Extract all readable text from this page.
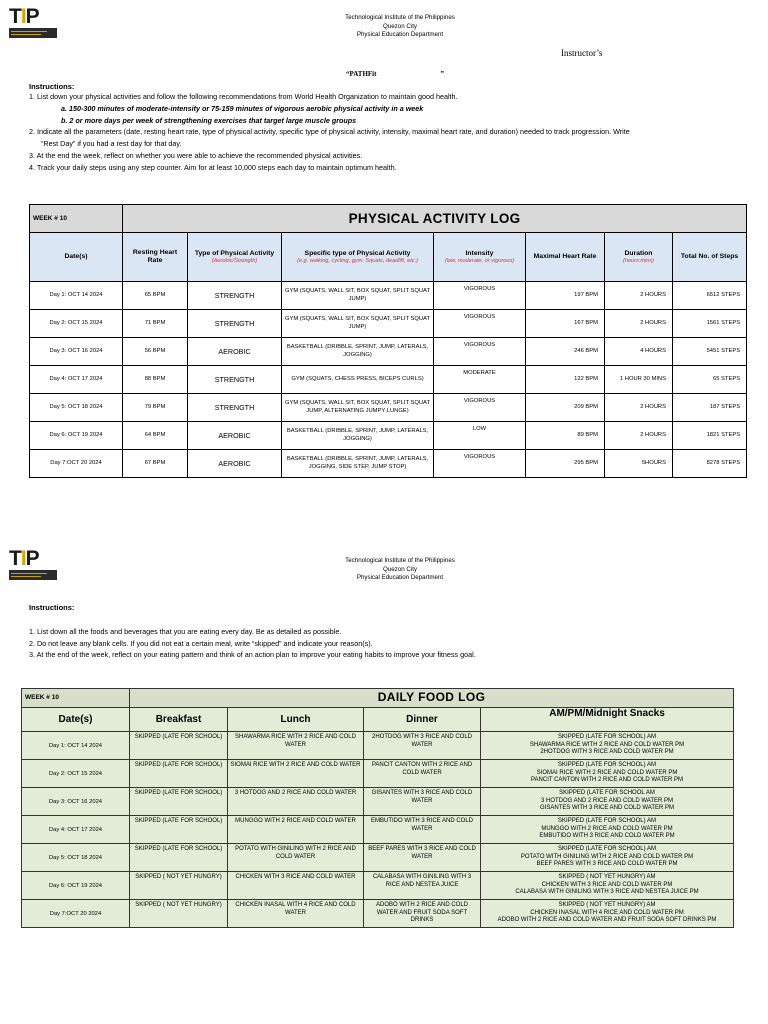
TIP	Technological Institute of the Philippines
Quezon City
Physical Education Department
Instructor’s
“PATHFit	”
Instructions:
1. List down your physical activities and follow the following recommendations from World Health Organization to maintain good health.
a. 150-300 minutes of moderate-intensity or 75-159 minutes of vigorous aerobic physical activity in a week
b. 2 or more days per week of strengthening exercises that target large muscle groups
2. Indicate all the parameters (date, resting heart rate, type of physical activity, specific type of physical activity, intensity, maximal heart rate, and duration) needed to track progression. Write
“Rest Day” if you had a rest day for that day.
3. At the end the week, reflect on whether you were able to achieve the recommended physical activities.
4. Track your daily steps using any step counter. Aim for at least 10,000 steps each day to maintain optimum health.
WEEK # 10	PHYSICAL ACTIVITY LOG						
Date(s)	Resting Heart Rate	Type of Physical Activity
(Aerobic/Strength)	Specific type of Physical Activity
(e.g. walking, cycling, gym: Squats, deadlift, etc.)	Intensity
(low, moderate, or vigorous)	Maximal Heart Rate	Duration
(hours:mins)	Total No. of Steps
Day 1: OCT 14 2024	65 BPM	STRENGTH	GYM (SQUATS, WALL SIT, BOX SQUAT, SPLIT SQUAT JUMP)	VIGOROUS	197 BPM	2 HOURS	6512 STEPS
Day 2: OCT 15 2024	71 BPM	STRENGTH	GYM (SQUATS, WALL SIT, BOX SQUAT, SPLIT SQUAT JUMP)	VIGOROUS	167 BPM	2 HOURS	1561 STEPS
Day 3: OCT 16 2024	56 BPM	AEROBIC	BASKETBALL (DRIBBLE, SPRINT, JUMP, LATERALS, JOGGING)	VIGOROUS	246 BPM	4 HOURS	5451 STEPS
Day 4: OCT 17 2024	88 BPM	STRENGTH	GYM (SQUATS, CHESS PRESS, BICEPS CURLS)	MODERATE	122 BPM	1 HOUR 30 MINS	65 STEPS
Day 5: OCT 18 2024	79 BPM	STRENGTH	GYM (SQUATS, WALL SIT, BOX SQUAT, SPLIT SQUAT JUMP, ALTERNATING JUMPY LUNGE)	VIGOROUS	209 BPM	2 HOURS	187 STEPS
Day 6: OCT 19 2024	64 BPM	AEROBIC	BASKETBALL (DRIBBLE, SPRINT, JUMP, LATERALS, JOGGING)	LOW	89 BPM	2 HOURS	1821 STEPS
Day 7:OCT 20 2024	67 BPM	AEROBIC	BASKETBALL (DRIBBLE, SPRINT, JUMP, LATERALS, JOGGING, SIDE STEP, JUMP STOP)	VIGOROUS	295 BPM	5HOURS	8278 STEPS
TIP	Technological Institute of the Philippines
Quezon City
Physical Education Department
Instructions:
1. List down all the foods and beverages that you are eating every day. Be as detailed as possible.
2. Do not leave any blank cells. If you did not eat a certain meal, write “skipped” and indicate your reason(s).
3. At the end of the week, reflect on your eating pattern and think of an action plan to improve your eating habits to improve your fitness goal.
WEEK # 10	DAILY FOOD LOG			
Date(s)	Breakfast	Lunch	Dinner	AM/PM/Midnight Snacks
Day 1: OCT 14 2024	SKIPPED (LATE FOR SCHOOL)	SHAWARMA RICE WITH 2 RICE AND COLD WATER	2HOTDOG WITH 3 RICE AND COLD WATER	SKIPPED (LATE FOR SCHOOL) AM
SHAWARMA RICE WITH 2 RICE AND COLD WATER PM
2HOTDOG WITH 3 RICE AND COLD WATER PM

Day 2: OCT 15 2024	SKIPPED (LATE FOR SCHOOL)	SIOMAI RICE WITH 2 RICE AND COLD WATER	PANCIT CANTON WITH 2 RICE AND COLD WATER	SKIPPED (LATE FOR SCHOOL) AM
SIOMAI RICE WITH 2 RICE AND COLD WATER PM
PANCIT CANTON WITH 2 RICE AND COLD WATER PM

Day 3: OCT 16 2024	SKIPPED (LATE FOR SCHOOL)	3 HOTDOG AND 2 RICE AND COLD WATER	GISANTES WITH 3 RICE AND COLD WATER	SKIPPED (LATE FOR SCHOOL AM
3 HOTDOG AND 2 RICE AND COLD WATER PM
GISANTES WITH 3 RICE AND COLD WATER PM

Day 4: OCT 17 2024	SKIPPED (LATE FOR SCHOOL)	MUNGGO WITH 2 RICE AND COLD WATER	EMBUTIDO WITH 3 RICE AND COLD WATER	SKIPPED (LATE FOR SCHOOL) AM
MUNGGO WITH 2 RICE AND COLD WATER PM
EMBUTIDO WITH 3 RICE AND COLD WATER PM

Day 5: OCT 18 2024	SKIPPED (LATE FOR SCHOOL)	POTATO WITH GINILING WITH 2 RICE AND COLD WATER	BEEF PARES WITH 3 RICE AND COLD WATER	SKIPPED (LATE FOR SCHOOL) AM
POTATO WITH GINILING WITH 2 RICE AND COLD WATER PM
BEEF PARES WITH 3 RICE AND COLD WATER PM

Day 6: OCT 19 2024	SKIPPED ( NOT YET HUNGRY)	CHICKEN WITH 3 RICE AND COLD WATER	CALABASA WITH GINILING WITH 3 RICE AND NESTEA JUICE	SKIPPED ( NOT YET HUNGRY) AM
CHICKEN WITH 3 RICE AND COLD WATER PM
CALABASA WITH GINILING WITH 3 RICE AND NESTEA JUICE PM

Day 7:OCT 20 2024	SKIPPED ( NOT YET HUNGRY)	CHICKEN INASAL WITH 4 RICE AND COLD WATER	ADOBO WITH 2 RICE AND COLD WATER AND FRUIT SODA SOFT DRINKS	SKIPPED ( NOT YET HUNGRY) AM
CHICKEN INASAL WITH 4 RICE AND COLD WATER PM
ADOBO WITH 2 RICE AND COLD WATER AND FRUIT SODA SOFT DRINKS PM
